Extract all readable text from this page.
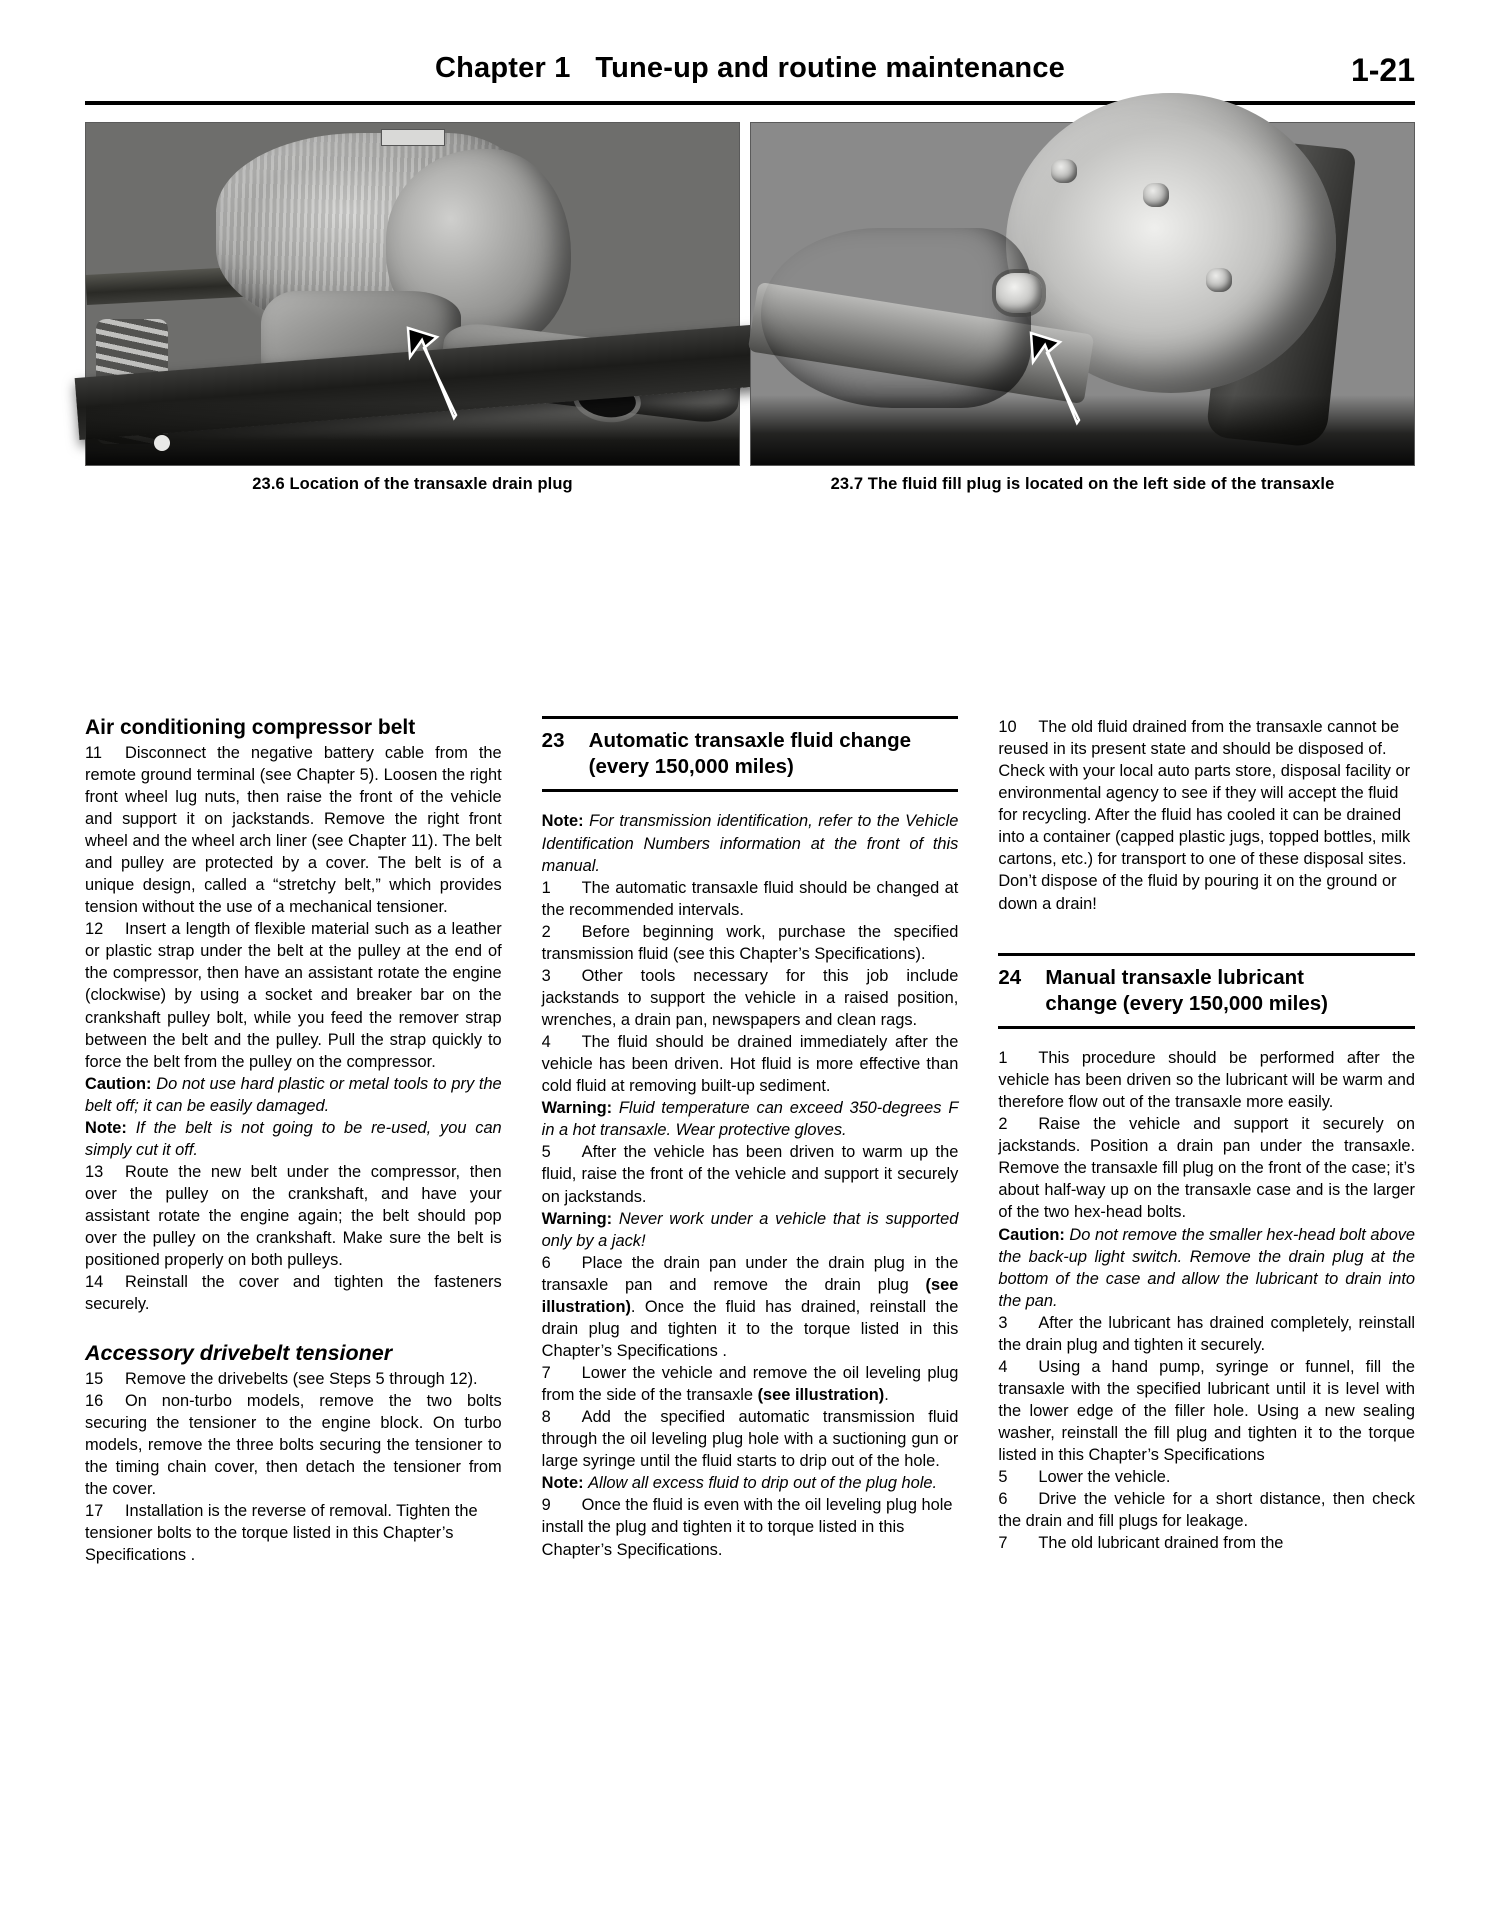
Chapter 1   Tune-up and routine maintenance	1-21
23.6 Location of the transaxle drain plug	23.7 The fluid fill plug is located on the left side of the transaxle
Air conditioning compressor belt

11 Disconnect the negative battery cable from the remote ground terminal (see Chapter 5). Loosen the right front wheel lug nuts, then raise the front of the vehicle and support it on jackstands. Remove the right front wheel and the wheel arch liner (see Chapter 11). The belt and pulley are protected by a cover. The belt is of a unique design, called a “stretchy belt,” which provides tension without the use of a mechanical tensioner.

12 Insert a length of flexible material such as a leather or plastic strap under the belt at the pulley at the end of the compressor, then have an assistant rotate the engine (clockwise) by using a socket and breaker bar on the crankshaft pulley bolt, while you feed the remover strap between the belt and the pulley. Pull the strap quickly to force the belt from the pulley on the compressor.

Caution: Do not use hard plastic or metal tools to pry the belt off; it can be easily damaged.

Note: If the belt is not going to be re-used, you can simply cut it off.

13 Route the new belt under the compressor, then over the pulley on the crankshaft, and have your assistant rotate the engine again; the belt should pop over the pulley on the crankshaft. Make sure the belt is positioned properly on both pulleys.

14 Reinstall the cover and tighten the fasteners securely.

Accessory drivebelt tensioner

15 Remove the drivebelts (see Steps 5 through 12).

16 On non-turbo models, remove the two bolts securing the tensioner to the engine block. On turbo models, remove the three bolts securing the tensioner to the timing chain cover, then detach the tensioner from the cover.

17 Installation is the reverse of removal. Tighten the tensioner bolts to the torque listed in this Chapter’s Specifications .

23	Automatic transaxle fluid change
(every 150,000 miles)

Note: For transmission identification, refer to the Vehicle Identification Numbers information at the front of this manual.

1 The automatic transaxle fluid should be changed at the recommended intervals.

2 Before beginning work, purchase the specified transmission fluid (see this Chapter’s Specifications).

3 Other tools necessary for this job include jackstands to support the vehicle in a raised position, wrenches, a drain pan, newspapers and clean rags.

4 The fluid should be drained immediately after the vehicle has been driven. Hot fluid is more effective than cold fluid at removing built-up sediment.

Warning: Fluid temperature can exceed 350-degrees F in a hot transaxle. Wear protective gloves.

5 After the vehicle has been driven to warm up the fluid, raise the front of the vehicle and support it securely on jackstands.

Warning: Never work under a vehicle that is supported only by a jack!

6 Place the drain pan under the drain plug in the transaxle pan and remove the drain plug (see illustration). Once the fluid has drained, reinstall the drain plug and tighten it to the torque listed in this Chapter’s Specifications .

7 Lower the vehicle and remove the oil leveling plug from the side of the transaxle (see illustration).

8 Add the specified automatic transmission fluid through the oil leveling plug hole with a suctioning gun or large syringe until the fluid starts to drip out of the hole.

Note: Allow all excess fluid to drip out of the plug hole.

9 Once the fluid is even with the oil leveling plug hole install the plug and tighten it to torque listed in this Chapter’s Specifications.

10 The old fluid drained from the transaxle cannot be reused in its present state and should be disposed of. Check with your local auto parts store, disposal facility or environmental agency to see if they will accept the fluid for recycling. After the fluid has cooled it can be drained into a container (capped plastic jugs, topped bottles, milk cartons, etc.) for transport to one of these disposal sites. Don’t dispose of the fluid by pouring it on the ground or down a drain!

24	Manual transaxle lubricant
change (every 150,000 miles)

1 This procedure should be performed after the vehicle has been driven so the lubricant will be warm and therefore flow out of the transaxle more easily.

2 Raise the vehicle and support it securely on jackstands. Position a drain pan under the transaxle. Remove the transaxle fill plug on the front of the case; it’s about half-way up on the transaxle case and is the larger of the two hex-head bolts.

Caution: Do not remove the smaller hex-head bolt above the back-up light switch. Remove the drain plug at the bottom of the case and allow the lubricant to drain into the pan.

3 After the lubricant has drained completely, reinstall the drain plug and tighten it securely.

4 Using a hand pump, syringe or funnel, fill the transaxle with the specified lubricant until it is level with the lower edge of the filler hole. Using a new sealing washer, reinstall the fill plug and tighten it to the torque listed in this Chapter’s Specifications

5 Lower the vehicle.

6 Drive the vehicle for a short distance, then check the drain and fill plugs for leakage.

7 The old lubricant drained from the
